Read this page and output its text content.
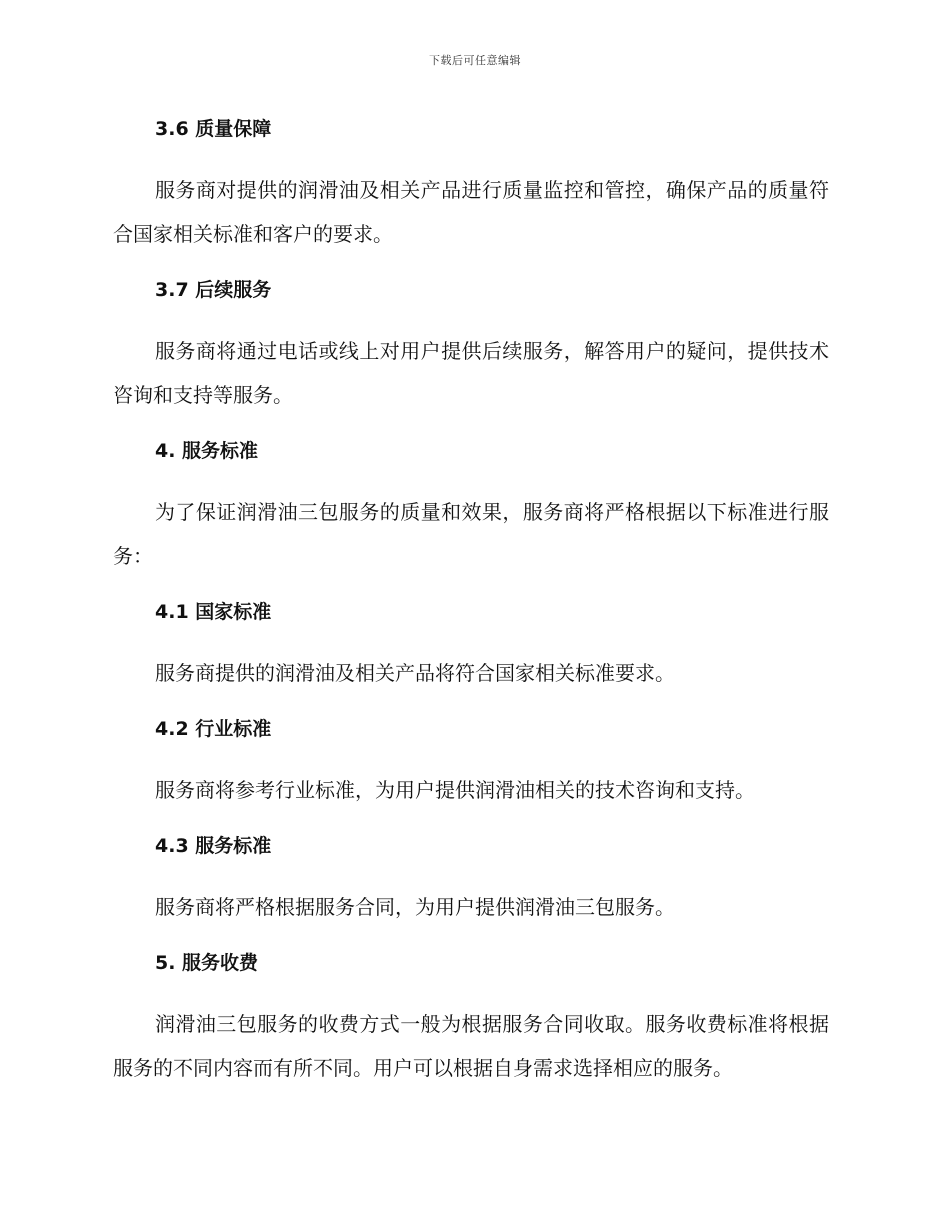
下载后可任意编辑
3.6 质量保障

服务商对提供的润滑油及相关产品进行质量监控和管控，确保产品的质量符合国家相关标准和客户的要求。

3.7 后续服务

服务商将通过电话或线上对用户提供后续服务，解答用户的疑问，提供技术咨询和支持等服务。

4. 服务标准

为了保证润滑油三包服务的质量和效果，服务商将严格根据以下标准进行服务：

4.1 国家标准

服务商提供的润滑油及相关产品将符合国家相关标准要求。

4.2 行业标准

服务商将参考行业标准，为用户提供润滑油相关的技术咨询和支持。

4.3 服务标准

服务商将严格根据服务合同，为用户提供润滑油三包服务。

5. 服务收费

润滑油三包服务的收费方式一般为根据服务合同收取。服务收费标准将根据服务的不同内容而有所不同。用户可以根据自身需求选择相应的服务。
